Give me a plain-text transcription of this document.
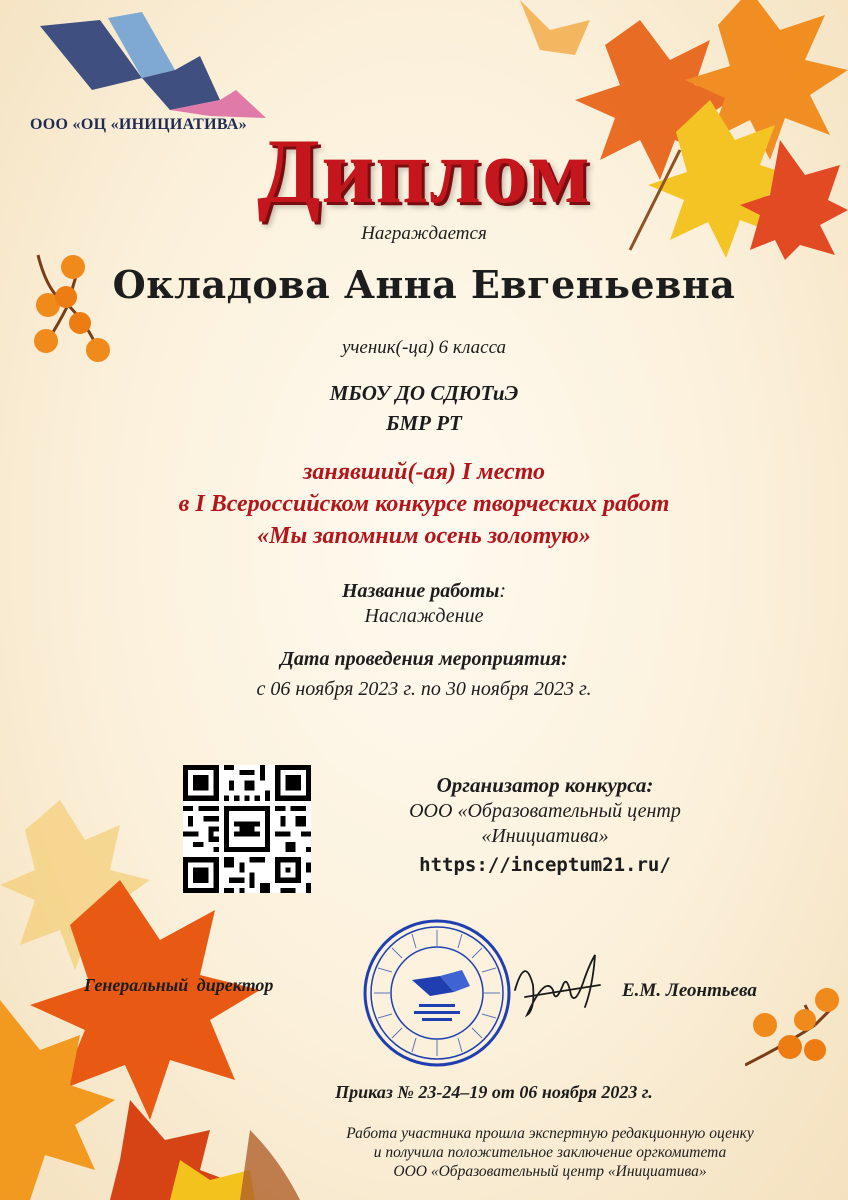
ООО «ОЦ «ИНИЦИАТИВА» Диплом
Награждается
Окладова Анна Евгеньевна
ученик(-ца) 6 класса
МБОУ ДО СДЮТиЭ
БМР РТ
занявший(-ая) I место
в I Всероссийском конкурсе творческих работ
«Мы запомним осень золотую»
Название работы:
Наслаждение
Дата проведения мероприятия:
с 06 ноября 2023 г. по 30 ноября 2023 г.
Организатор конкурса:
ООО «Образовательный центр
«Инициатива»
https://inceptum21.ru/
Генеральный директор	Е.М. Леонтьева
Приказ № 23-24–19 от 06 ноября 2023 г.
Работа участника прошла экспертную редакционную оценку
и получила положительное заключение оргкомитета
ООО «Образовательный центр «Инициатива»
